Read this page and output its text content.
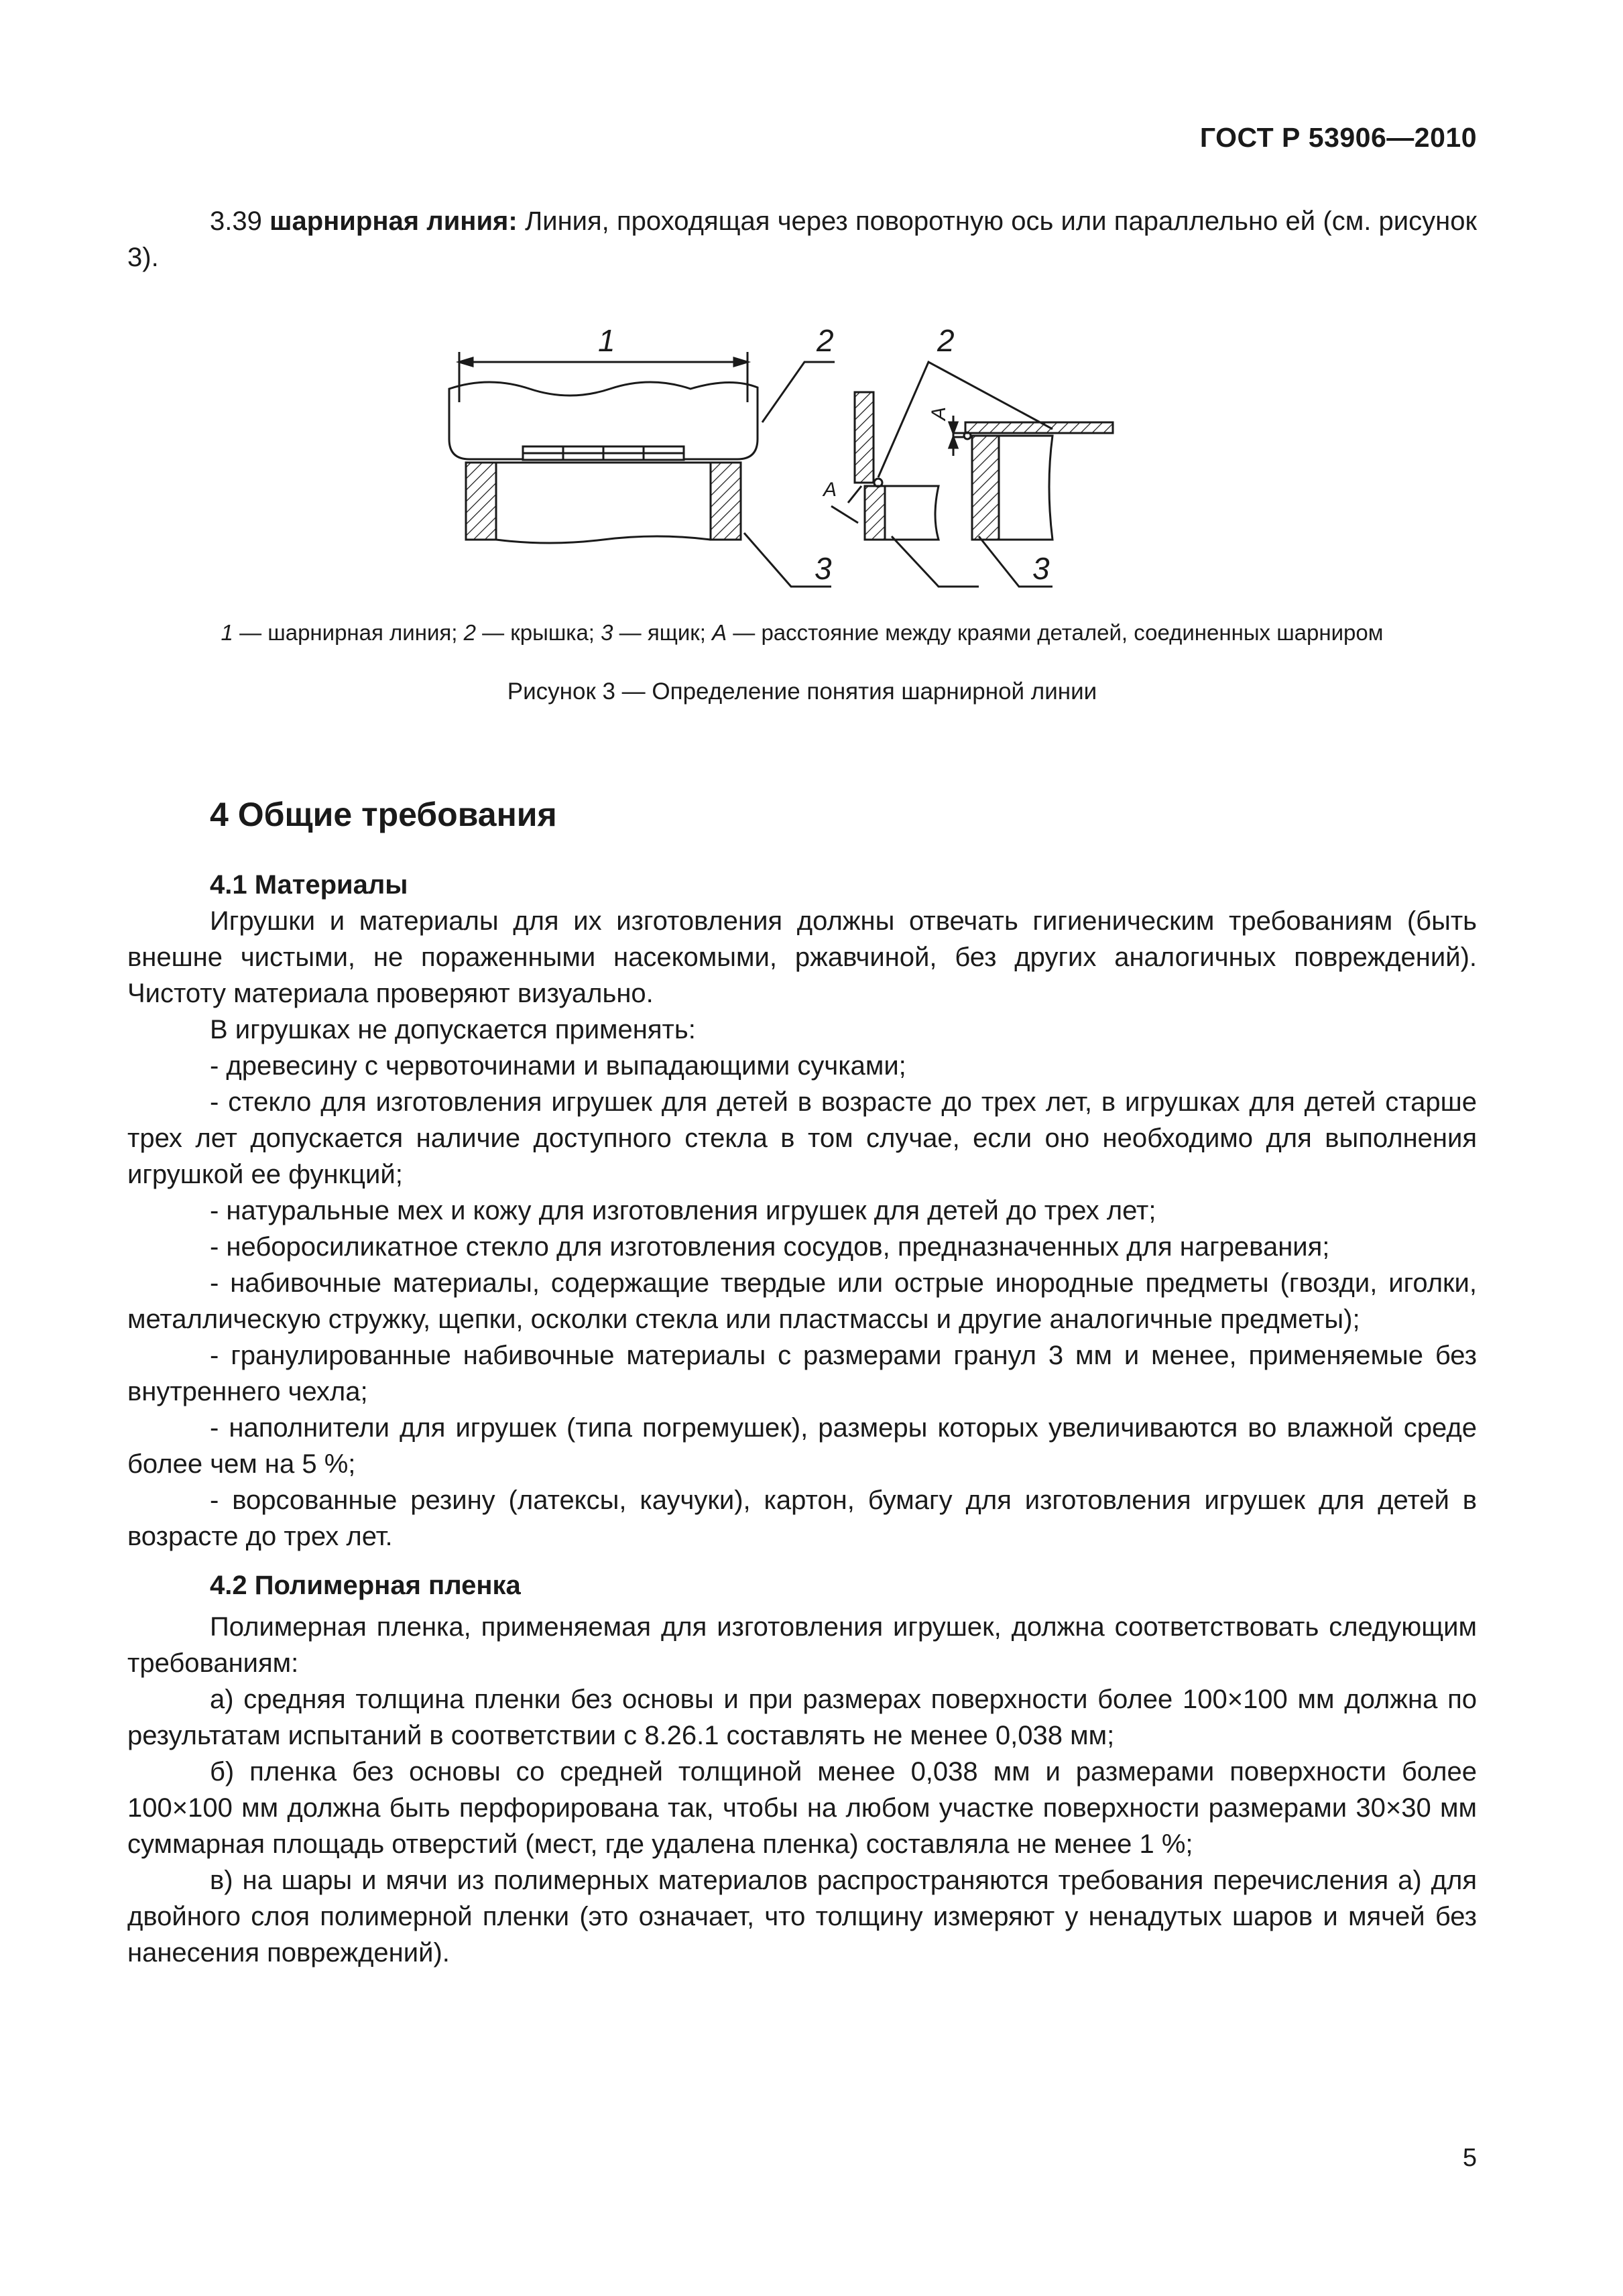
ГОСТ Р 53906—2010

3.39 шарнирная линия: Линия, проходящая через поворотную ось или параллельно ей (см. рисунок 3).

1	2	2
3	3
А
А
1 — шарнирная линия; 2 — крышка; 3 — ящик; А — расстояние между краями деталей, соединенных шарниром
Рисунок 3 — Определение понятия шарнирной линии
4 Общие требования

4.1 Материалы

Игрушки и материалы для их изготовления должны отвечать гигиеническим требованиям (быть внешне чистыми, не пораженными насекомыми, ржавчиной, без других аналогичных повреждений). Чистоту материала проверяют визуально.

В игрушках не допускается применять:

- древесину с червоточинами и выпадающими сучками;

- стекло для изготовления игрушек для детей в возрасте до трех лет, в игрушках для детей старше трех лет допускается наличие доступного стекла в том случае, если оно необходимо для выполнения игрушкой ее функций;

- натуральные мех и кожу для изготовления игрушек для детей до трех лет;

- неборосиликатное стекло для изготовления сосудов, предназначенных для нагревания;

- набивочные материалы, содержащие твердые или острые инородные предметы (гвозди, иголки, металлическую стружку, щепки, осколки стекла или пластмассы и другие аналогичные предметы);

- гранулированные набивочные материалы с размерами гранул 3 мм и менее, применяемые без внутреннего чехла;

- наполнители для игрушек (типа погремушек), размеры которых увеличиваются во влажной среде более чем на 5 %;

- ворсованные резину (латексы, каучуки), картон, бумагу для изготовления игрушек для детей в возрасте до трех лет.

4.2 Полимерная пленка

Полимерная пленка, применяемая для изготовления игрушек, должна соответствовать следующим требованиям:

а) средняя толщина пленки без основы и при размерах поверхности более 100×100 мм должна по результатам испытаний в соответствии с 8.26.1 составлять не менее 0,038 мм;

б) пленка без основы со средней толщиной менее 0,038 мм и размерами поверхности более 100×100 мм должна быть перфорирована так, чтобы на любом участке поверхности размерами 30×30 мм суммарная площадь отверстий (мест, где удалена пленка) составляла не менее 1 %;

в) на шары и мячи из полимерных материалов распространяются требования перечисления а) для двойного слоя полимерной пленки (это означает, что толщину измеряют у ненадутых шаров и мячей без нанесения повреждений).

5
